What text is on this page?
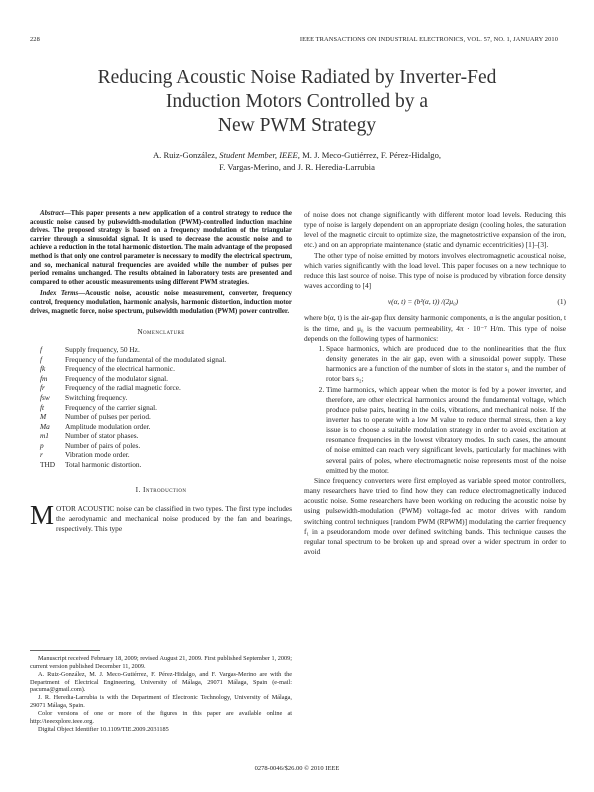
228	IEEE TRANSACTIONS ON INDUSTRIAL ELECTRONICS, VOL. 57, NO. 1, JANUARY 2010
Reducing Acoustic Noise Radiated by Inverter-Fed
Induction Motors Controlled by a
New PWM Strategy
A. Ruiz-González, Student Member, IEEE, M. J. Meco-Gutiérrez, F. Pérez-Hidalgo,
F. Vargas-Merino, and J. R. Heredia-Larrubia

Abstract—This paper presents a new application of a control strategy to reduce the acoustic noise caused by pulsewidth-modulation (PWM)-controlled induction machine drives. The proposed strategy is based on a frequency modulation of the triangular carrier through a sinusoidal signal. It is used to decrease the acoustic noise and to achieve a reduction in the total harmonic distortion. The main advantage of the proposed method is that only one control parameter is necessary to modify the electrical spectrum, and so, mechanical natural frequencies are avoided while the number of pulses per period remains unchanged. The results obtained in laboratory tests are presented and compared to other acoustic measurements using different PWM strategies.

Index Terms—Acoustic noise, acoustic noise measurement, converter, frequency control, frequency modulation, harmonic analysis, harmonic distortion, induction motor drives, magnetic force, noise spectrum, pulsewidth modulation (PWM) power controller.

Nomenclature
f	Supply frequency, 50 Hz.
f	Frequency of the fundamental of the modulated signal.
fk	Frequency of the electrical harmonic.
fm	Frequency of the modulator signal.
fr	Frequency of the radial magnetic force.
fsw	Switching frequency.
ft	Frequency of the carrier signal.
M	Number of pulses per period.
Ma	Amplitude modulation order.
m1	Number of stator phases.
p	Number of pairs of poles.
r	Vibration mode order.
THD	Total harmonic distortion.
I. Introduction

MOTOR ACOUSTIC noise can be classified in two types. The first type includes the aerodynamic and mechanical noise produced by the fan and bearings, respectively. This type

Manuscript received February 18, 2009; revised August 21, 2009. First published September 1, 2009; current version published December 11, 2009.

A. Ruiz-González, M. J. Meco-Gutiérrez, F. Pérez-Hidalgo, and F. Vargas-Merino are with the Department of Electrical Engineering, University of Málaga, 29071 Málaga, Spain (e-mail: pacuma@gmail.com).

J. R. Heredia-Larrubia is with the Department of Electronic Technology, University of Málaga, 29071 Málaga, Spain.

Color versions of one or more of the figures in this paper are available online at http://ieeexplore.ieee.org.

Digital Object Identifier 10.1109/TIE.2009.2031185

of noise does not change significantly with different motor load levels. Reducing this type of noise is largely dependent on an appropriate design (cooling holes, the saturation level of the magnetic circuit to optimize size, the magnetostrictive expansion of the iron, etc.) and on an appropriate maintenance (static and dynamic eccentricities) [1]–[3].

The other type of noise emitted by motors involves electromagnetic acoustical noise, which varies significantly with the load level. This paper focuses on a new technique to reduce this last source of noise. This type of noise is produced by vibration force density waves according to [4]

v(α, t) = (b²(α, t)) /(2μ₀)	(1)

where b(α, t) is the air-gap flux density harmonic components, α is the angular position, t is the time, and μ₀ is the vacuum permeability, 4π · 10⁻⁷ H/m. This type of noise depends on the following types of harmonics:

1. Space harmonics, which are produced due to the nonlinearities that the flux density generates in the air gap, even with a sinusoidal power supply. These harmonics are a function of the number of slots in the stator s₁ and the number of rotor bars s₂;
2. Time harmonics, which appear when the motor is fed by a power inverter, and therefore, are other electrical harmonics around the fundamental voltage, which produce pulse pairs, heating in the coils, vibrations, and mechanical noise. If the inverter has to operate with a low M value to reduce thermal stress, then a key issue is to choose a suitable modulation strategy in order to avoid excitation at resonance frequencies in the lowest vibratory modes. In such cases, the amount of noise emitted can reach very significant levels, particularly for machines with several pairs of poles, where electromagnetic noise represents most of the noise emitted by the motor.

Since frequency converters were first employed as variable speed motor controllers, many researchers have tried to find how they can reduce electromagnetically induced acoustic noise. Some researchers have been working on reducing the acoustic noise by using pulsewidth-modulation (PWM) voltage-fed ac motor drives with random switching control techniques [random PWM (RPWM)] modulating the carrier frequency f₁ in a pseudorandom mode over defined switching bands. This technique causes the regular tonal spectrum to be broken up and spread over a wider spectrum in order to avoid

0278-0046/$26.00 © 2010 IEEE
